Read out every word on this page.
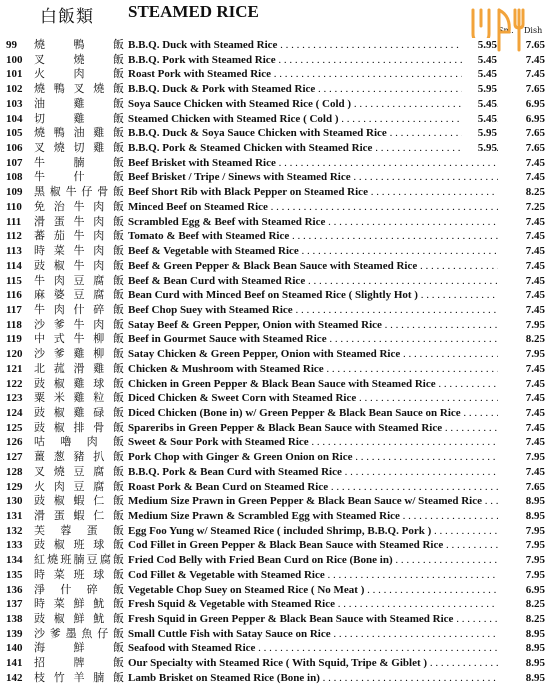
白飯類 STEAMED RICE
Sm. Dish
99 燒 鴨 飯 B.B.Q. Duck with Steamed Rice . . .	5.95	7.65
100 叉 燒 飯 B.B.Q. Pork with Steamed Rice . . .	5.45	7.45
101 火 肉 飯 Roast Pork with Steamed Rice . . .	5.45	7.45
102 燒鴨叉燒飯 B.B.Q. Duck & Pork with Steamed Rice . . .	5.95	7.65
103 油 雞 飯 Soya Sauce Chicken with Steamed Rice ( Cold ) . . .	5.45	6.95
104 切 雞 飯 Steamed Chicken with Steamed Rice ( Cold ) . . .	5.45	6.95
105 燒鴨油雞飯 B.B.Q. Duck & Soya Sauce Chicken with Steamed Rice . . .	5.95	7.65
106 叉燒切雞飯 B.B.Q. Pork & Steamed Chicken with Steamed Rice . . .	5.95	7.65
107 牛 腩 飯 Beef Brisket with Steamed Rice . . .	7.45
108 牛 什 飯 Beef Brisket / Tripe / Sinews with Steamed Rice . . .	7.45
109 黑椒牛仔骨飯 Beef Short Rib with Black Pepper on Steamed Rice . . .	8.25
110 免 治 牛 肉 飯 Minced Beef on Steamed Rice . . .	7.25
111 滑 蛋 牛 肉 飯 Scrambled Egg & Beef with Steamed Rice . . .	7.45
112 蕃 茄 牛 肉 飯 Tomato & Beef with Steamed Rice . . .	7.45
113 時 菜 牛 肉 飯 Beef & Vegetable with Steamed Rice . . .	7.45
114 豉 椒 牛 肉 飯 Beef & Green Pepper & Black Bean Sauce with Steamed Rice . . .	7.45
115 牛 肉 豆 腐 飯 Beef & Bean Curd with Steamed Rice . . .	7.45
116 麻 婆 豆 腐 飯 Bean Curd with Minced Beef on Steamed Rice ( Slightly Hot ) . . .	7.45
117 牛 肉 什 碎 飯 Beef Chop Suey with Steamed Rice . . .	7.45
118 沙 爹 牛 肉 飯 Satay Beef & Green Pepper, Onion with Steamed Rice . . .	7.95
119 中 式 牛 柳 飯 Beef in Gourmet Sauce with Steamed Rice . . .	8.25
120 沙 爹 雞 柳 飯 Satay Chicken & Green Pepper, Onion with Steamed Rice . . .	7.95
121 北 菰 滑 雞 飯 Chicken & Mushroom with Steamed Rice . . .	7.45
122 豉 椒 雞 球 飯 Chicken in Green Pepper & Black Bean Sauce with Steamed Rice . . .	7.45
123 粟 米 雞 粒 飯 Diced Chicken & Sweet Corn with Steamed Rice . . .	7.45
124 豉 椒 雞 碌 飯 Diced Chicken (Bone in) w/ Green Pepper & Black Bean Sauce on Rice . . .	7.45
125 豉 椒 排 骨 飯 Spareribs in Green Pepper & Black Bean Sauce with Steamed Rice . . .	7.45
126 咕 嚕 肉 飯 Sweet & Sour Pork with Steamed Rice . . .	7.45
127 薑 葱 豬 扒 飯 Pork Chop with Ginger & Green Onion on Rice . . .	7.95
128 叉 燒 豆 腐 飯 B.B.Q. Pork & Bean Curd with Steamed Rice . . .	7.45
129 火 肉 豆 腐 飯 Roast Pork & Bean Curd on Steamed Rice . . .	7.65
130 豉 椒 蝦 仁 飯 Medium Size Prawn in Green Pepper & Black Bean Sauce w/ Steamed Rice . . .	8.95
131 滑 蛋 蝦 仁 飯 Medium Size Prawn & Scrambled Egg with Steamed Rice . . .	8.95
132 芙 蓉 蛋 飯 Egg Foo Yung w/ Steamed Rice ( included Shrimp, B.B.Q. Pork ) . . .	7.95
133 豉 椒 班 球 飯 Cod Fillet in Green Pepper & Black Bean Sauce with Steamed Rice . . .	7.95
134 紅燒班腩豆腐飯 Fried Cod Belly with Fried Bean Curd on Rice (Bone in) . . .	7.95
135 時 菜 班 球 飯 Cod Fillet & Vegetable with Steamed Rice . . .	7.95
136 淨 什 碎 飯 Vegetable Chop Suey on Steamed Rice ( No Meat ) . . .	6.95
137 時 菜 鮮 魷 飯 Fresh Squid & Vegetable with Steamed Rice . . .	8.25
138 豉 椒 鮮 魷 飯 Fresh Squid in Green Pepper & Black Bean Sauce with Steamed Rice . . .	8.25
139 沙爹墨魚仔飯 Small Cuttle Fish with Satay Sauce on Rice . . .	8.95
140 海 鮮 飯 Seafood with Steamed Rice . . .	8.95
141 招 牌 飯 Our Specialty with Steamed Rice ( With Squid, Tripe & Giblet ) . . .	8.95
142 枝 竹 羊 腩 飯 Lamb Brisket on Steamed Rice (Bone in) . . .	8.95
